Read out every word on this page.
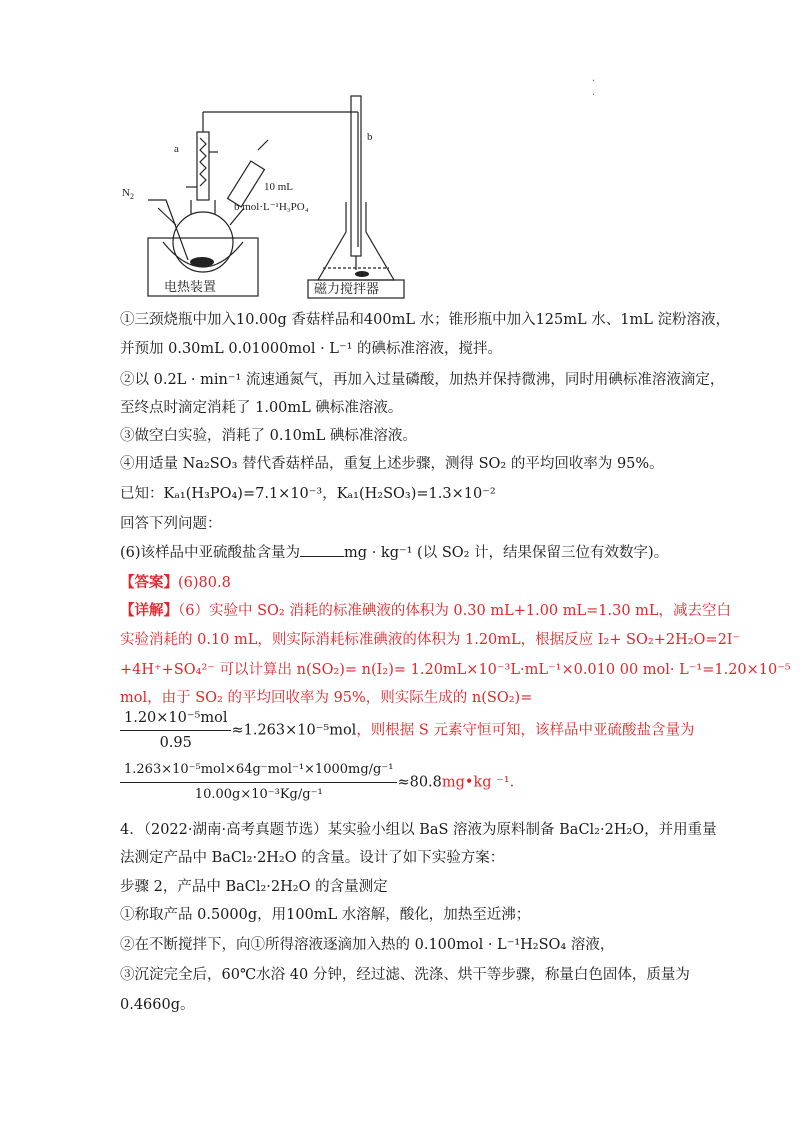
.
.
a
b
$N_2$
10 mL
b mol·L⁻¹H₃PO₄
电热装置	磁力搅拌器
①三颈烧瓶中加入10.00g 香菇样品和400mL 水；锥形瓶中加入125mL 水、1mL 淀粉溶液，
并预加 0.30mL 0.01000mol · L⁻¹ 的碘标准溶液，搅拌。
②以 0.2L · min⁻¹ 流速通氮气，再加入过量磷酸，加热并保持微沸，同时用碘标准溶液滴定，
至终点时滴定消耗了 1.00mL 碘标准溶液。
③做空白实验，消耗了 0.10mL 碘标准溶液。
④用适量 Na₂SO₃ 替代香菇样品，重复上述步骤，测得 SO₂ 的平均回收率为 95%。
已知：Kₐ₁(H₃PO₄)=7.1×10⁻³，Kₐ₁(H₂SO₃)=1.3×10⁻²
回答下列问题：
(6)该样品中亚硫酸盐含量为	mg · kg⁻¹ (以 SO₂ 计，结果保留三位有效数字)。
【答案】(6)80.8
【详解】（6）实验中 SO₂ 消耗的标准碘液的体积为 0.30 mL+1.00 mL=1.30 mL，减去空白
实验消耗的 0.10 mL，则实际消耗标准碘液的体积为 1.20mL，根据反应 I₂+ SO₂+2H₂O=2I⁻
+4H⁺+SO₄²⁻ 可以计算出 n(SO₂)= n(I₂)= 1.20mL×10⁻³L·mL⁻¹×0.010 00 mol· L⁻¹=1.20×10⁻⁵
mol，由于 SO₂ 的平均回收率为 95%，则实际生成的 n(SO₂)=
$\frac{\text{1.20×10⁻⁵mol}}{0.95} \approx 1.263\times 10^{-5}mol$，则根据 S 元素守恒可知，该样品中亚硫酸盐含量为
$\frac{\text{1.263×10⁻⁵mol×64g⁻mol⁻¹×1000mg/g⁻¹}}{\text{10.00g×10⁻³Kg/g⁻¹}}$ ≈80.8mg•kg ⁻¹.
4．（2022·湖南·高考真题节选）某实验小组以 BaS 溶液为原料制备 BaCl₂·2H₂O，并用重量
法测定产品中 BaCl₂·2H₂O 的含量。设计了如下实验方案：
步骤 2，产品中 BaCl₂·2H₂O 的含量测定
①称取产品 0.5000g，用100mL 水溶解，酸化，加热至近沸；
②在不断搅拌下，向①所得溶液逐滴加入热的 0.100mol · L⁻¹H₂SO₄ 溶液，
③沉淀完全后，60℃水浴 40 分钟，经过滤、洗涤、烘干等步骤，称量白色固体，质量为
0.4660g。
